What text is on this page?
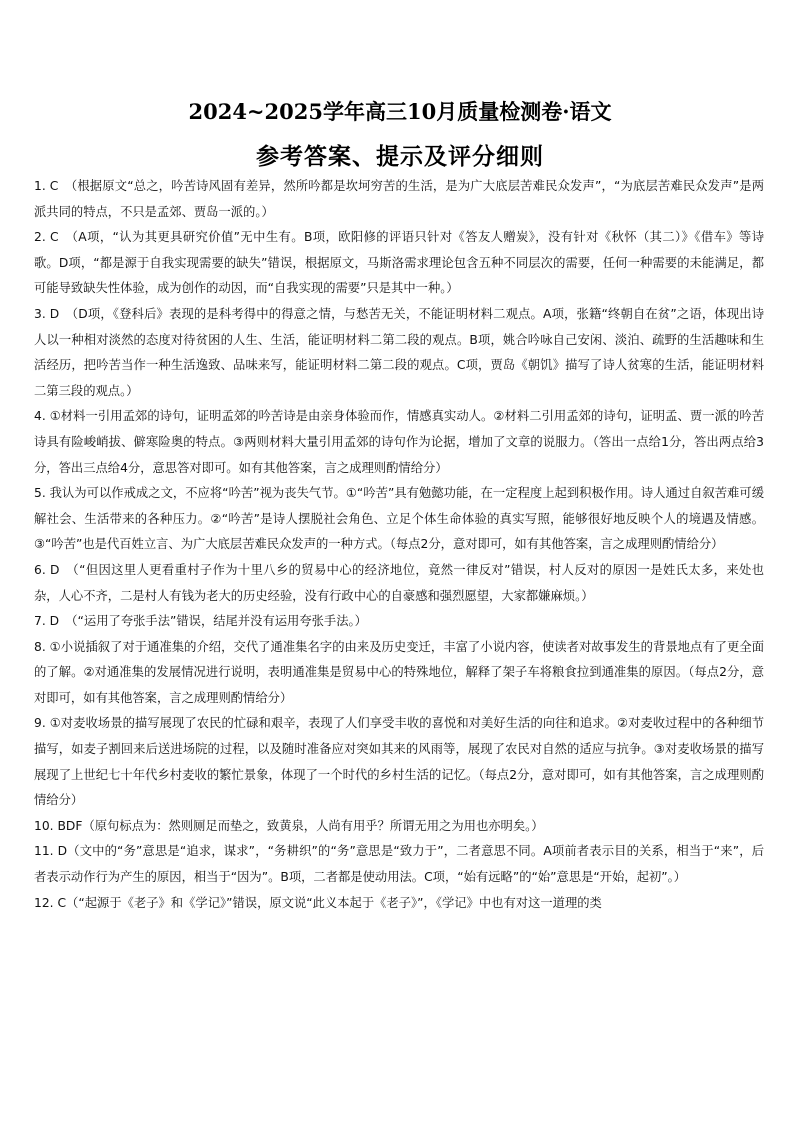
2024~2025学年高三10月质量检测卷·语文
参考答案、提示及评分细则

1. C　（根据原文“总之，吟苦诗风固有差异，然所吟都是坎坷穷苦的生活，是为广大底层苦难民众发声”，“为底层苦难民众发声”是两派共同的特点，不只是孟郊、贾岛一派的。）

2. C　（A项，“认为其更具研究价值”无中生有。B项，欧阳修的评语只针对《答友人赠炭》，没有针对《秋怀（其二）》《借车》等诗歌。D项，“都是源于自我实现需要的缺失”错误，根据原文，马斯洛需求理论包含五种不同层次的需要，任何一种需要的未能满足，都可能导致缺失性体验，成为创作的动因，而“自我实现的需要”只是其中一种。）

3. D　（D项，《登科后》表现的是科考得中的得意之情，与愁苦无关，不能证明材料二观点。A项，张籍“终朝自在贫”之语，体现出诗人以一种相对淡然的态度对待贫困的人生、生活，能证明材料二第二段的观点。B项，姚合吟咏自己安闲、淡泊、疏野的生活趣味和生活经历，把吟苦当作一种生活逸致、品味来写，能证明材料二第二段的观点。C项，贾岛《朝饥》描写了诗人贫寒的生活，能证明材料二第三段的观点。）

4. ①材料一引用孟郊的诗句，证明孟郊的吟苦诗是由亲身体验而作，情感真实动人。②材料二引用孟郊的诗句，证明孟、贾一派的吟苦诗具有险峻峭拔、僻寒险奥的特点。③两则材料大量引用孟郊的诗句作为论据，增加了文章的说服力。（答出一点给1分，答出两点给3分，答出三点给4分，意思答对即可。如有其他答案，言之成理则酌情给分）

5. 我认为可以作戒成之文，不应将“吟苦”视为丧失气节。①“吟苦”具有勉懿功能，在一定程度上起到积极作用。诗人通过自叙苦难可缓解社会、生活带来的各种压力。②“吟苦”是诗人摆脱社会角色、立足个体生命体验的真实写照，能够很好地反映个人的境遇及情感。③“吟苦”也是代百姓立言、为广大底层苦难民众发声的一种方式。（每点2分，意对即可，如有其他答案，言之成理则酌情给分）

6. D　（“但因这里人更看重村子作为十里八乡的贸易中心的经济地位，竟然一律反对”错误，村人反对的原因一是姓氏太多，来处也杂，人心不齐，二是村人有钱为老大的历史经验，没有行政中心的自豪感和强烈愿望，大家都嫌麻烦。）

7. D　（“运用了夸张手法”错误，结尾并没有运用夸张手法。）

8. ①小说插叙了对于通准集的介绍，交代了通准集名字的由来及历史变迁，丰富了小说内容，使读者对故事发生的背景地点有了更全面的了解。②对通准集的发展情况进行说明，表明通准集是贸易中心的特殊地位，解释了架子车将粮食拉到通准集的原因。（每点2分，意对即可，如有其他答案，言之成理则酌情给分）

9. ①对麦收场景的描写展现了农民的忙碌和艰辛，表现了人们享受丰收的喜悦和对美好生活的向往和追求。②对麦收过程中的各种细节描写，如麦子割回来后送进场院的过程，以及随时准备应对突如其来的风雨等，展现了农民对自然的适应与抗争。③对麦收场景的描写展现了上世纪七十年代乡村麦收的繁忙景象，体现了一个时代的乡村生活的记忆。（每点2分，意对即可，如有其他答案，言之成理则酌情给分）

10. BDF（原句标点为：然则厕足而垫之，致黄泉，人尚有用乎？所谓无用之为用也亦明矣。）

11. D（文中的“务”意思是“追求，谋求”，“务耕织”的“务”意思是“致力于”，二者意思不同。A项前者表示目的关系，相当于“来”，后者表示动作行为产生的原因，相当于“因为”。B项，二者都是使动用法。C项，“始有远略”的“始”意思是“开始，起初”。）

12. C（“起源于《老子》和《学记》”错误，原文说“此义本起于《老子》”，《学记》中也有对这一道理的类
